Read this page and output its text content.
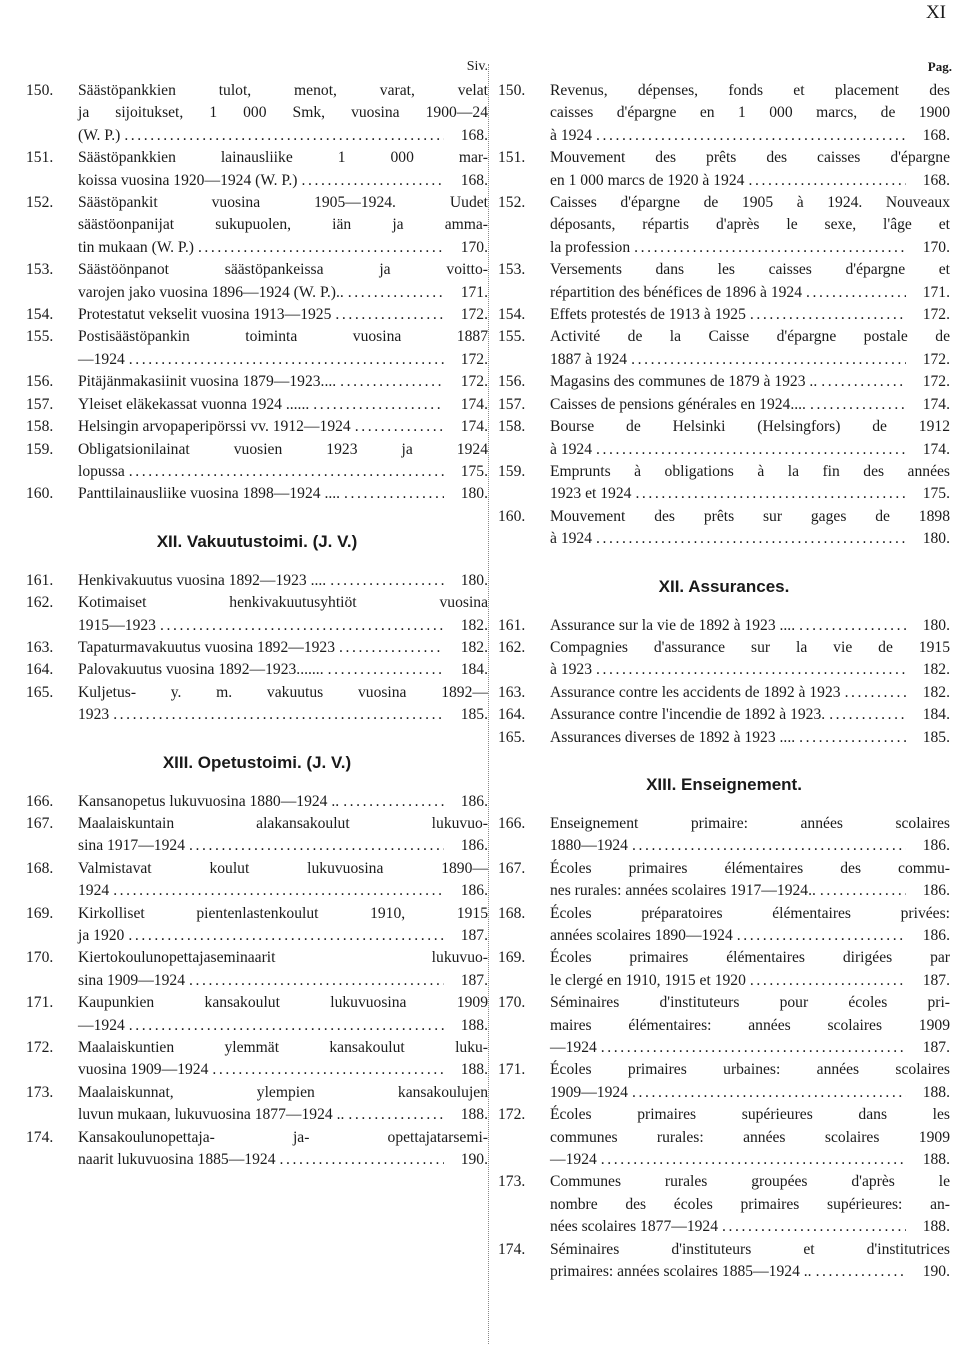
XI
Siv.
150.	Säästöpankkien tulot, menot, varat, velat
ja sijoitukset, 1 000 Smk, vuosina 1900—24
(W. P.) .....	168.
151.	Säästöpankkien lainausliike 1 000 mar-
koissa vuosina 1920—1924 (W. P.) .....	168.
152.	Säästöpankit vuosina 1905—1924. Uudet
säästöonpanijat sukupuolen, iän ja amma-
tin mukaan (W. P.) .....	170.
153.	Säästöönpanot säästöpankeissa ja voitto-
varojen jako vuosina 1896—1924 (W. P.).. .....	171.
154.	Protestatut vekselit vuosina 1913—1925 .....	172.
155.	Postisäästöpankin toiminta vuosina 1887
—1924 .....	172.
156.	Pitäjänmakasiinit vuosina 1879—1923.... .....	172.
157.	Yleiset eläkekassat vuonna 1924 ...... .....	174.
158.	Helsingin arvopaperipörssi vv. 1912—1924 .....	174.
159.	Obligatsionilainat vuosien 1923 ja 1924
lopussa .....	175.
160.	Panttilainausliike vuosina 1898—1924 .... .....	180.
XII. Vakuutustoimi. (J. V.)
161.	Henkivakuutus vuosina 1892—1923 .... .....	180.
162.	Kotimaiset henkivakuutusyhtiöt vuosina
1915—1923 .....	182.
163.	Tapaturmavakuutus vuosina 1892—1923 .....	182.
164.	Palovakuutus vuosina 1892—1923....... .....	184.
165.	Kuljetus- y. m. vakuutus vuosina 1892—
1923 .....	185.
XIII. Opetustoimi. (J. V.)
166.	Kansanopetus lukuvuosina 1880—1924 .. .....	186.
167.	Maalaiskuntain alakansakoulut lukuvuo-
sina 1917—1924 .....	186.
168.	Valmistavat koulut lukuvuosina 1890—
1924 .....	186.
169.	Kirkolliset pientenlastenkoulut 1910, 1915
ja 1920 .....	187.
170.	Kiertokoulunopettajaseminaarit lukuvuo-
sina 1909—1924 .....	187.
171.	Kaupunkien kansakoulut lukuvuosina 1909
—1924 .....	188.
172.	Maalaiskuntien ylemmät kansakoulut luku-
vuosina 1909—1924 .....	188.
173.	Maalaiskunnat, ylempien kansakoulujen
luvun mukaan, lukuvuosina 1877—1924 .. .....	188.
174.	Kansakoulunopettaja- ja- opettajatarsemi-
naarit lukuvuosina 1885—1924 .....	190.
Pag.
150.	Revenus, dépenses, fonds et placement des
caisses d'épargne en 1 000 marcs, de 1900
à 1924 .....	168.
151.	Mouvement des prêts des caisses d'épargne
en 1 000 marcs de 1920 à 1924 .....	168.
152.	Caisses d'épargne de 1905 à 1924. Nouveaux
déposants, répartis d'après le sexe, l'âge et
la profession .....	170.
153.	Versements dans les caisses d'épargne et
répartition des bénéfices de 1896 à 1924 .....	171.
154.	Effets protestés de 1913 à 1925 .....	172.
155.	Activité de la Caisse d'épargne postale de
1887 à 1924 .....	172.
156.	Magasins des communes de 1879 à 1923 .. .....	172.
157.	Caisses de pensions générales en 1924.... .....	174.
158.	Bourse de Helsinki (Helsingfors) de 1912
à 1924 .....	174.
159.	Emprunts à obligations à la fin des années
1923 et 1924 .....	175.
160.	Mouvement des prêts sur gages de 1898
à 1924 .....	180.
XII. Assurances.
161.	Assurance sur la vie de 1892 à 1923 .... .....	180.
162.	Compagnies d'assurance sur la vie de 1915
à 1923 .....	182.
163.	Assurance contre les accidents de 1892 à 1923 .....	182.
164.	Assurance contre l'incendie de 1892 à 1923. .....	184.
165.	Assurances diverses de 1892 à 1923 .... .....	185.
XIII. Enseignement.
166.	Enseignement primaire: années scolaires
1880—1924 .....	186.
167.	Écoles primaires élémentaires des commu-
nes rurales: années scolaires 1917—1924.. .....	186.
168.	Écoles préparatoires élémentaires privées:
années scolaires 1890—1924 .....	186.
169.	Écoles primaires élémentaires dirigées par
le clergé en 1910, 1915 et 1920 .....	187.
170.	Séminaires d'instituteurs pour écoles pri-
maires élémentaires: années scolaires 1909
—1924 .....	187.
171.	Écoles primaires urbaines: années scolaires
1909—1924 .....	188.
172.	Écoles primaires supérieures dans les
communes rurales: années scolaires 1909
—1924 .....	188.
173.	Communes rurales groupées d'après le
nombre des écoles primaires supérieures: an-
nées scolaires 1877—1924 .....	188.
174.	Séminaires d'instituteurs et d'institutrices
primaires: années scolaires 1885—1924 .. .....	190.
